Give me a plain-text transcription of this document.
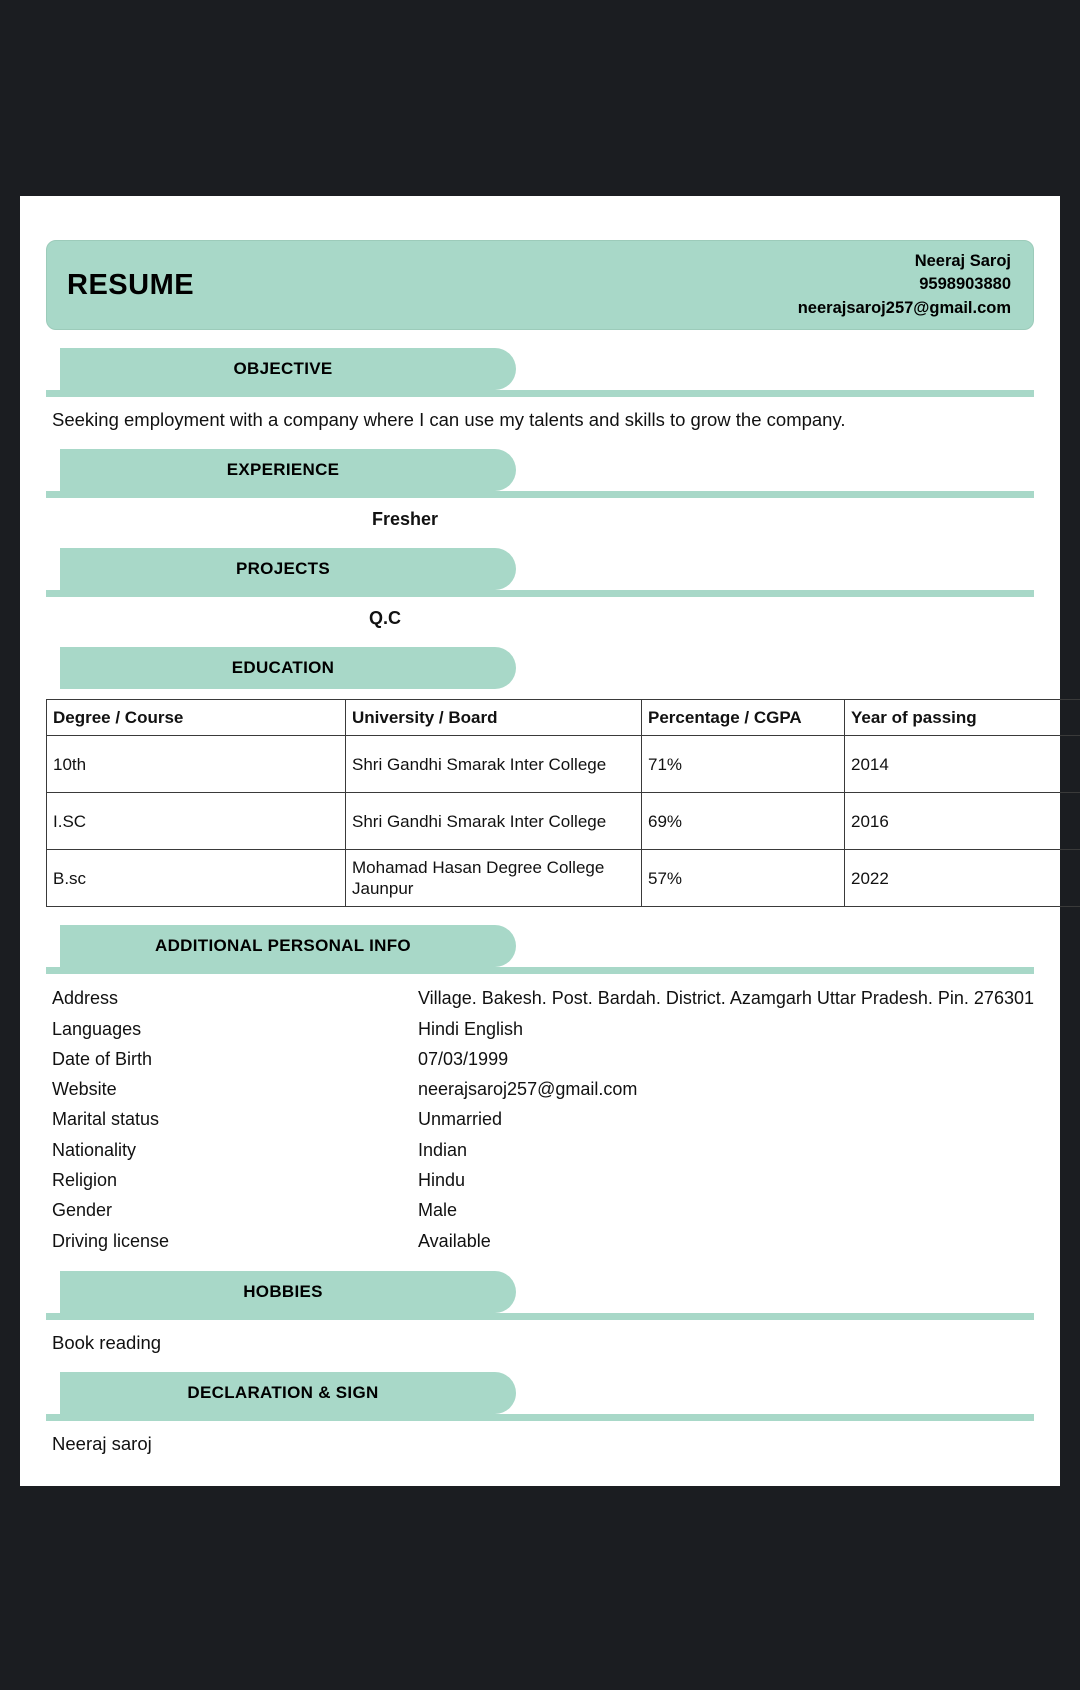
RESUME
Neeraj Saroj
9598903880
neerajsaroj257@gmail.com
OBJECTIVE
Seeking employment with a company where I can use my talents and skills to grow the company.
EXPERIENCE
Fresher
PROJECTS
Q.C
EDUCATION
Degree / Course	University / Board	Percentage / CGPA	Year of passing
10th	Shri Gandhi Smarak Inter College	71%	2014
I.SC	Shri Gandhi Smarak Inter College	69%	2016
B.sc	Mohamad Hasan Degree College Jaunpur	57%	2022
ADDITIONAL PERSONAL INFO
Address	Village. Bakesh. Post. Bardah. District. Azamgarh Uttar Pradesh. Pin. 276301
Languages	Hindi English
Date of Birth	07/03/1999
Website	neerajsaroj257@gmail.com
Marital status	Unmarried
Nationality	Indian
Religion	Hindu
Gender	Male
Driving license	Available
HOBBIES
Book reading
DECLARATION & SIGN
Neeraj saroj
